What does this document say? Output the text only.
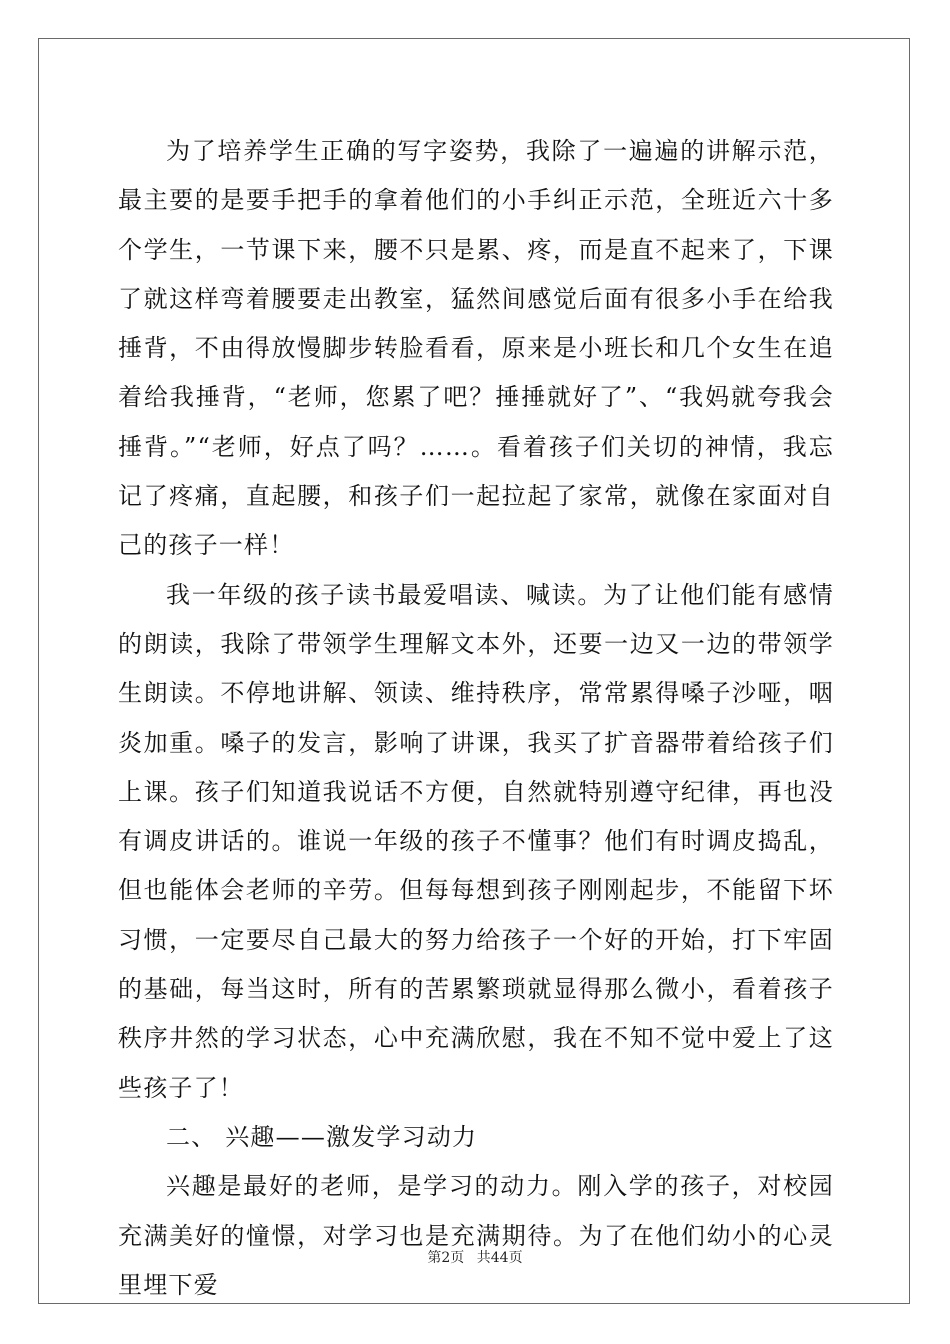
为了培养学生正确的写字姿势，我除了一遍遍的讲解示范，最主要的是要手把手的拿着他们的小手纠正示范，全班近六十多个学生，一节课下来，腰不只是累、疼，而是直不起来了，下课了就这样弯着腰要走出教室，猛然间感觉后面有很多小手在给我捶背，不由得放慢脚步转脸看看，原来是小班长和几个女生在追着给我捶背，“老师，您累了吧？捶捶就好了”、“我妈就夸我会捶背。”“老师，好点了吗？……。看着孩子们关切的神情，我忘记了疼痛，直起腰，和孩子们一起拉起了家常，就像在家面对自己的孩子一样！

我一年级的孩子读书最爱唱读、喊读。为了让他们能有感情的朗读，我除了带领学生理解文本外，还要一边又一边的带领学生朗读。不停地讲解、领读、维持秩序，常常累得嗓子沙哑，咽炎加重。嗓子的发言，影响了讲课，我买了扩音器带着给孩子们上课。孩子们知道我说话不方便，自然就特别遵守纪律，再也没有调皮讲话的。谁说一年级的孩子不懂事？他们有时调皮捣乱，但也能体会老师的辛劳。但每每想到孩子刚刚起步，不能留下坏习惯，一定要尽自己最大的努力给孩子一个好的开始，打下牢固的基础，每当这时，所有的苦累繁琐就显得那么微小，看着孩子秩序井然的学习状态，心中充满欣慰，我在不知不觉中爱上了这些孩子了！

二、 兴趣——激发学习动力

兴趣是最好的老师，是学习的动力。刚入学的孩子，对校园充满美好的憧憬，对学习也是充满期待。为了在他们幼小的心灵里埋下爱

第2页 共44页
